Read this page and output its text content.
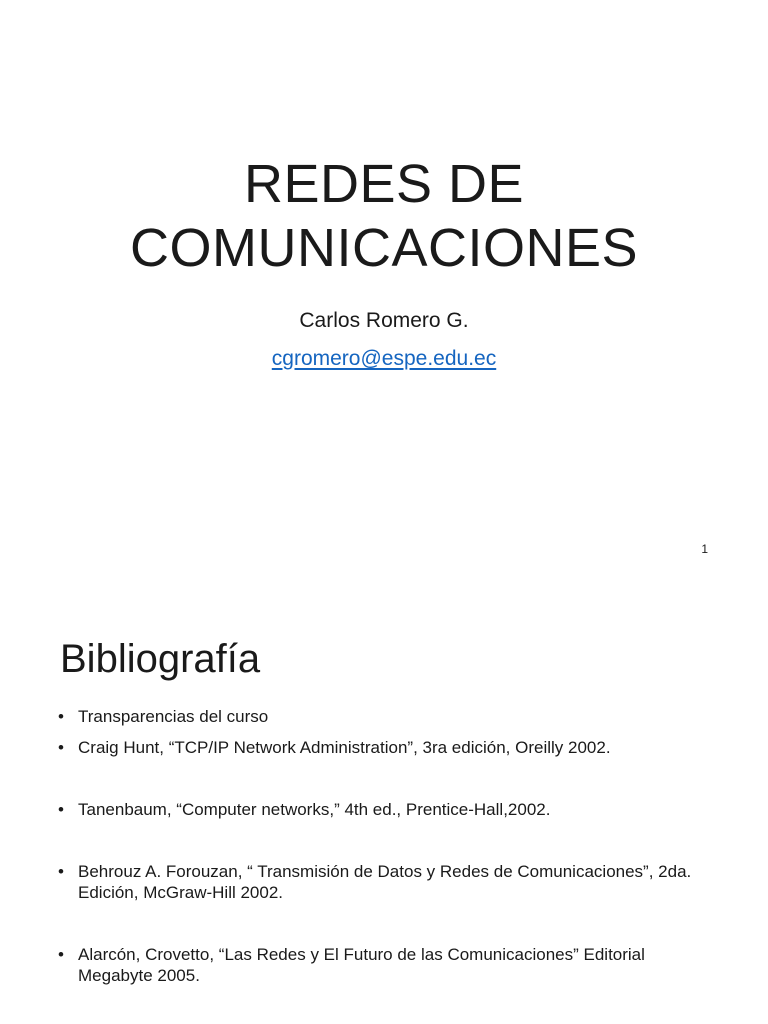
REDES DE
COMUNICACIONES

Carlos Romero G.

cgromero@espe.edu.ec

1
Bibliografía
• Transparencias del curso
• Craig Hunt, “TCP/IP Network Administration”, 3ra edición, Oreilly 2002.
• Tanenbaum, “Computer networks,” 4th ed., Prentice-Hall,2002.
• Behrouz A. Forouzan, “ Transmisión de Datos y Redes de Comunicaciones”, 2da. Edición, McGraw-Hill 2002.
• Alarcón, Crovetto, “Las Redes y El Futuro de las Comunicaciones” Editorial Megabyte 2005.
